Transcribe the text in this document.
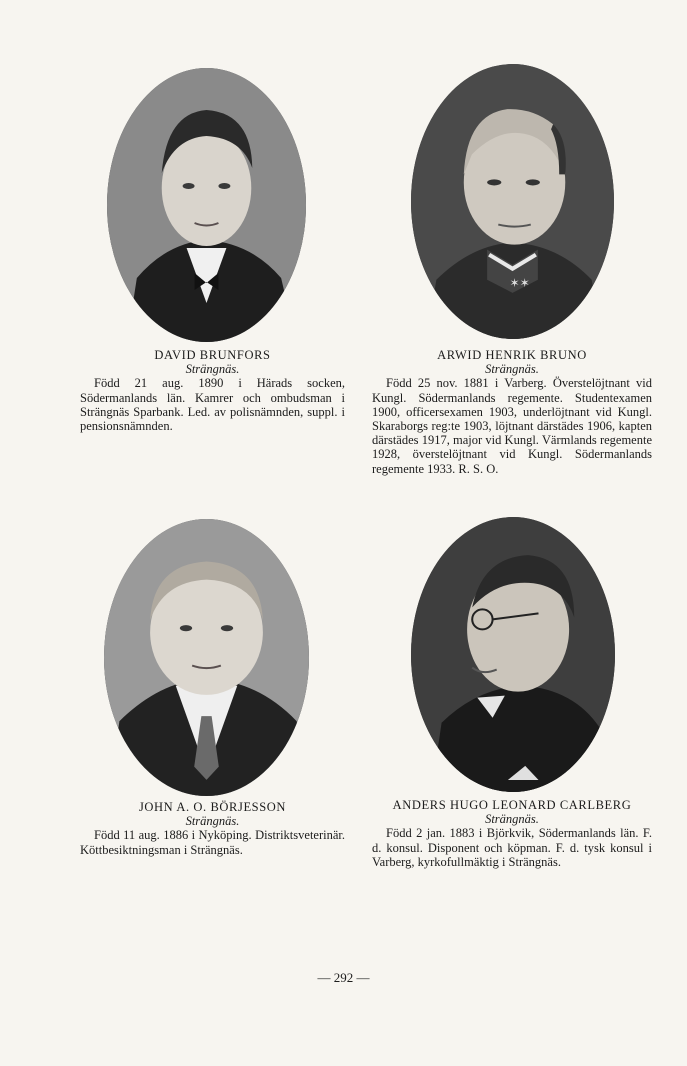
✶✶
DAVID BRUNFORS
Strängnäs.
Född 21 aug. 1890 i Härads socken, Södermanlands län. Kamrer och ombudsman i Strängnäs Sparbank. Led. av polisnämnden, suppl. i pensionsnämnden.
ARWID HENRIK BRUNO
Strängnäs.
Född 25 nov. 1881 i Varberg. Överstelöjtnant vid Kungl. Södermanlands regemente. Studentexamen 1900, officersexamen 1903, underlöjtnant vid Kungl. Skaraborgs reg:te 1903, löjtnant därstädes 1906, kapten därstädes 1917, major vid Kungl. Värmlands regemente 1928, överstelöjtnant vid Kungl. Södermanlands regemente 1933. R. S. O.
JOHN A. O. BÖRJESSON
Strängnäs.
Född 11 aug. 1886 i Nyköping. Distriktsveterinär. Köttbesiktningsman i Strängnäs.
ANDERS HUGO LEONARD CARLBERG
Strängnäs.
Född 2 jan. 1883 i Björkvik, Södermanlands län. F. d. konsul. Disponent och köpman. F. d. tysk konsul i Varberg, kyrkofullmäktig i Strängnäs.
— 292 —
